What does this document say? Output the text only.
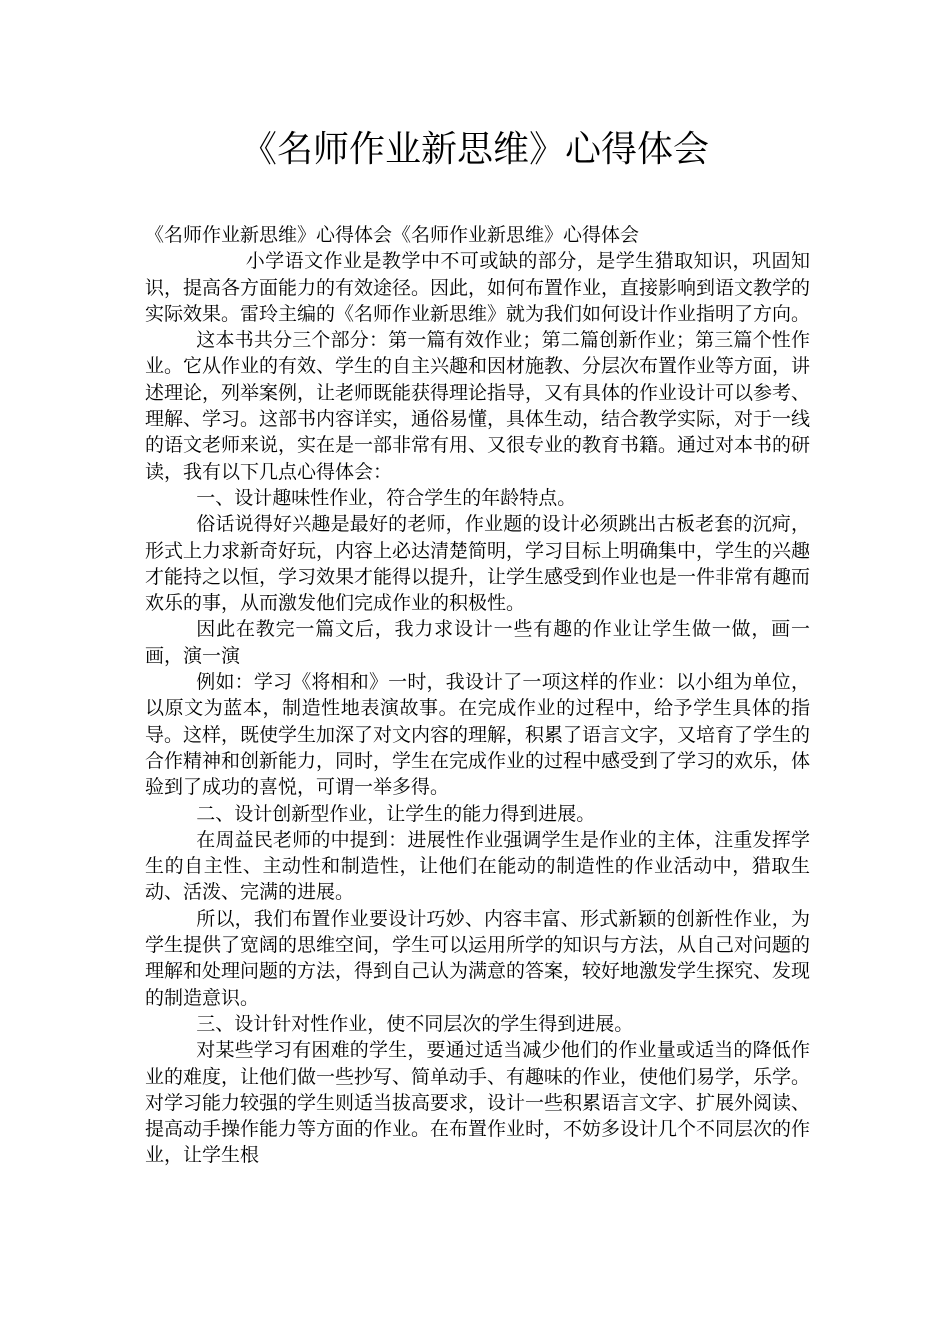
《名师作业新思维》心得体会

《名师作业新思维》心得体会《名师作业新思维》心得体会

小学语文作业是教学中不可或缺的部分，是学生猎取知识，巩固知识，提高各方面能力的有效途径。因此，如何布置作业，直接影响到语文教学的实际效果。雷玲主编的《名师作业新思维》就为我们如何设计作业指明了方向。

这本书共分三个部分：第一篇有效作业；第二篇创新作业；第三篇个性作业。它从作业的有效、学生的自主兴趣和因材施教、分层次布置作业等方面，讲述理论，列举案例，让老师既能获得理论指导，又有具体的作业设计可以参考、理解、学习。这部书内容详实，通俗易懂，具体生动，结合教学实际，对于一线的语文老师来说，实在是一部非常有用、又很专业的教育书籍。通过对本书的研读，我有以下几点心得体会：

一、设计趣味性作业，符合学生的年龄特点。

俗话说得好兴趣是最好的老师，作业题的设计必须跳出古板老套的沉疴，形式上力求新奇好玩，内容上必达清楚简明，学习目标上明确集中，学生的兴趣才能持之以恒，学习效果才能得以提升，让学生感受到作业也是一件非常有趣而欢乐的事，从而激发他们完成作业的积极性。

因此在教完一篇文后，我力求设计一些有趣的作业让学生做一做，画一画，演一演

例如：学习《将相和》一时，我设计了一项这样的作业：以小组为单位，以原文为蓝本，制造性地表演故事。在完成作业的过程中，给予学生具体的指导。这样，既使学生加深了对文内容的理解，积累了语言文字，又培育了学生的合作精神和创新能力，同时，学生在完成作业的过程中感受到了学习的欢乐，体验到了成功的喜悦，可谓一举多得。

二、设计创新型作业，让学生的能力得到进展。

在周益民老师的中提到：进展性作业强调学生是作业的主体，注重发挥学生的自主性、主动性和制造性，让他们在能动的制造性的作业活动中，猎取生动、活泼、完满的进展。

所以，我们布置作业要设计巧妙、内容丰富、形式新颖的创新性作业，为学生提供了宽阔的思维空间，学生可以运用所学的知识与方法，从自己对问题的理解和处理问题的方法，得到自己认为满意的答案，较好地激发学生探究、发现的制造意识。

三、设计针对性作业，使不同层次的学生得到进展。

对某些学习有困难的学生，要通过适当减少他们的作业量或适当的降低作业的难度，让他们做一些抄写、简单动手、有趣味的作业，使他们易学，乐学。对学习能力较强的学生则适当拔高要求，设计一些积累语言文字、扩展外阅读、提高动手操作能力等方面的作业。在布置作业时，不妨多设计几个不同层次的作业，让学生根
